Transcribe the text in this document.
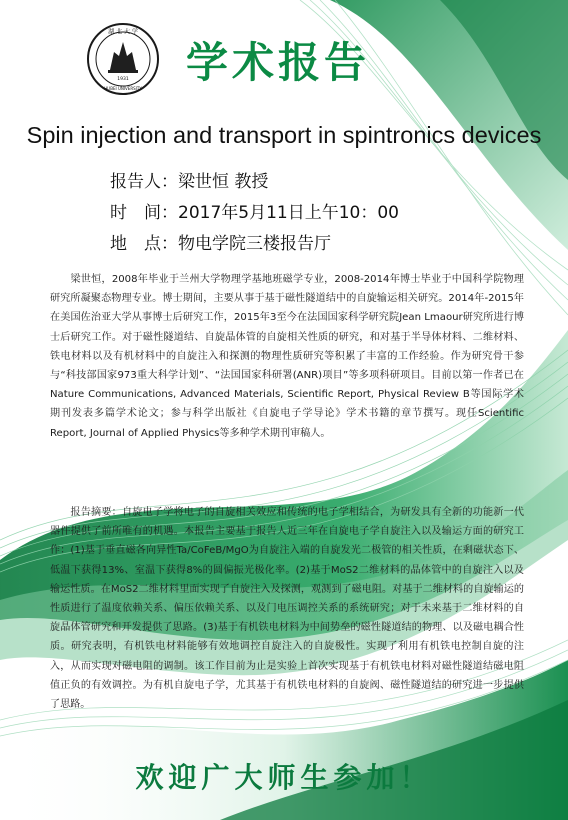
湖 北 大 学
HUBEI UNIVERSITY
1931 学术报告
Spin injection and transport in spintronics devices
报告人：梁世恒 教授
时　间：2017年5月11日上午10：00
地　点：物电学院三楼报告厅
  梁世恒，2008年毕业于兰州大学物理学基地班磁学专业，2008-2014年博士毕业于中国科学院物理研究所凝聚态物理专业。博士期间，主要从事于基于磁性隧道结中的自旋输运相关研究。2014年-2015年在美国佐治亚大学从事博士后研究工作，2015年3至今在法国国家科学研究院Jean Lmaour研究所进行博士后研究工作。对于磁性隧道结、自旋晶体管的自旋相关性质的研究，和对基于半导体材料、二维材料、铁电材料以及有机材料中的自旋注入和探测的物理性质研究等积累了丰富的工作经验。作为研究骨干参与“科技部国家973重大科学计划”、“法国国家科研署(ANR)项目”等多项科研项目。目前以第一作者已在Nature Communications, Advanced Materials, Scientific Report, Physical Review B等国际学术期刊发表多篇学术论文；参与科学出版社《自旋电子学导论》学术书籍的章节撰写。现任Scientific Report, Journal of Applied Physics等多种学术期刊审稿人。
  报告摘要：自旋电子学将电子的自旋相关效应和传统的电子学相结合，为研发具有全新的功能新一代器件提供了前所唯有的机遇。本报告主要基于报告人近三年在自旋电子学自旋注入以及输运方面的研究工作：(1)基于垂直磁各向异性Ta/CoFeB/MgO为自旋注入端的自旋发光二极管的相关性质，在剩磁状态下、低温下获得13%、室温下获得8%的圆偏振光极化率。(2)基于MoS2二维材料的晶体管中的自旋注入以及输运性质。在MoS2二维材料里面实现了自旋注入及探测，观测到了磁电阻。对基于二维材料的自旋输运的性质进行了温度依赖关系、偏压依赖关系、以及门电压调控关系的系统研究；对于未来基于二维材料的自旋晶体管研究和开发提供了思路。(3)基于有机铁电材料为中间势垒的磁性隧道结的物理、以及磁电耦合性质。研究表明，有机铁电材料能够有效地调控自旋注入的自旋极性。实现了利用有机铁电控制自旋的注入，从而实现对磁电阻的调制。该工作目前为止是实验上首次实现基于有机铁电材料对磁性隧道结磁电阻值正负的有效调控。为有机自旋电子学，尤其基于有机铁电材料的自旋阀、磁性隧道结的研究进一步提供了思路。
欢迎广大师生参加！
